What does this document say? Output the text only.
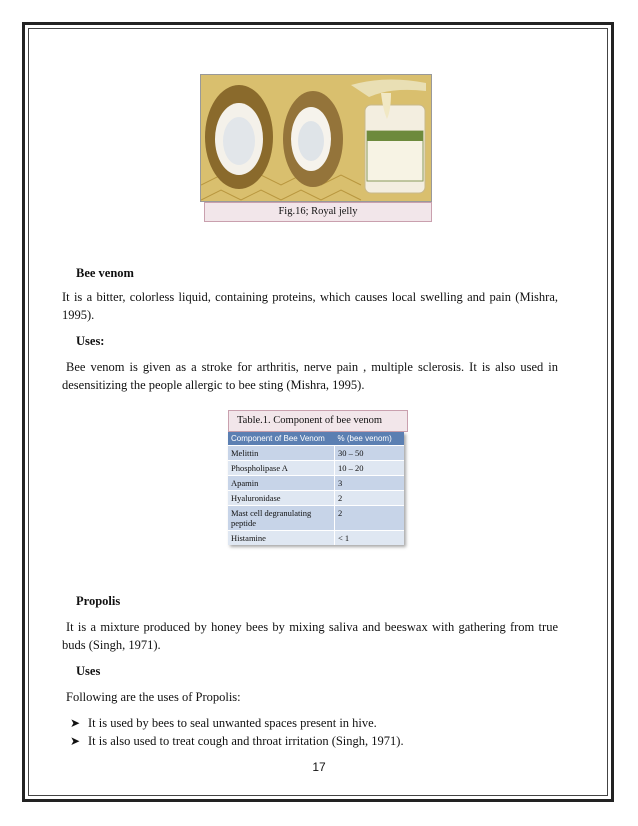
Fig.16; Royal jelly
Bee venom
It is a bitter, colorless liquid, containing proteins, which causes local swelling and pain (Mishra, 1995).
Uses:
Bee venom is given as a stroke for arthritis, nerve pain , multiple sclerosis. It is also used in desensitizing the people allergic to bee sting (Mishra, 1995).
Table.1. Component of bee venom
Component of Bee Venom	% (bee venom)
Melittin	30 – 50
Phospholipase A	10 – 20
Apamin	3
Hyaluronidase	2
Mast cell degranulating peptide	2
Histamine	< 1
Propolis
It is a mixture produced by honey bees by mixing saliva and beeswax with gathering from true buds (Singh, 1971).
Uses
Following are the uses of Propolis:
➤ It is used by bees to seal unwanted spaces present in hive.
➤ It is also used to treat cough and throat irritation (Singh, 1971).
17
